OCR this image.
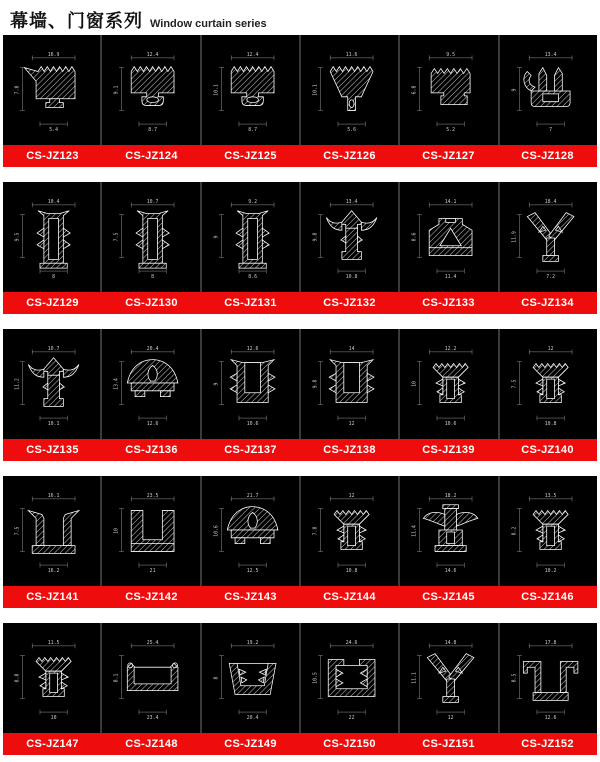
幕墙、门窗系列 Window curtain series
16.9
7.8
5.4
12.4
9.1
8.7
12.4
10.1
8.7
11.6
10.1
5.6
9.5
6.8
5.2
13.4
9
7
CS-JZ123	CS-JZ124	CS-JZ125	CS-JZ126	CS-JZ127	CS-JZ128
10.4
9.5
8
10.7
7.5
8
9.2
9
8.6
13.4
9.8
10.8
14.1
8.6
11.4
18.4
11.9
7.2
CS-JZ129	CS-JZ130	CS-JZ131	CS-JZ132	CS-JZ133	CS-JZ134
10.7
11.2
10.1
20.4
13.4
12.6
12.6
9
10.6
14
9.8
12
12.2
10
10.6
12
7.5
10.8
CS-JZ135	CS-JZ136	CS-JZ137	CS-JZ138	CS-JZ139	CS-JZ140
16.1
7.5
16.2
23.5
10
21
21.7
10.6
12.5
12
7.8
10.8
18.2
11.4
14.6
13.5
8.2
10.2
CS-JZ141	CS-JZ142	CS-JZ143	CS-JZ144	CS-JZ145	CS-JZ146
11.5
8.8
10
25.4
8.1
23.4
19.2
8
20.4
24.6
10.5
22
14.8
11.1
12
17.8
8.5
12.6
CS-JZ147	CS-JZ148	CS-JZ149	CS-JZ150	CS-JZ151	CS-JZ152
